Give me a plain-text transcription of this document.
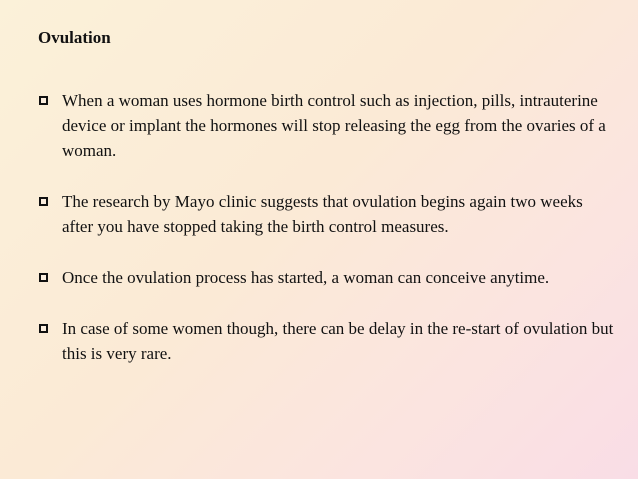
Ovulation
When a woman uses hormone birth control such as injection, pills, intrauterine device or implant the hormones will stop releasing the egg from the ovaries of a woman.
The research by Mayo clinic suggests that ovulation begins again two weeks after you have stopped taking the birth control measures.
Once the ovulation process has started, a woman can conceive anytime.
In case of some women though, there can be delay in the re-start of ovulation but this is very rare.
